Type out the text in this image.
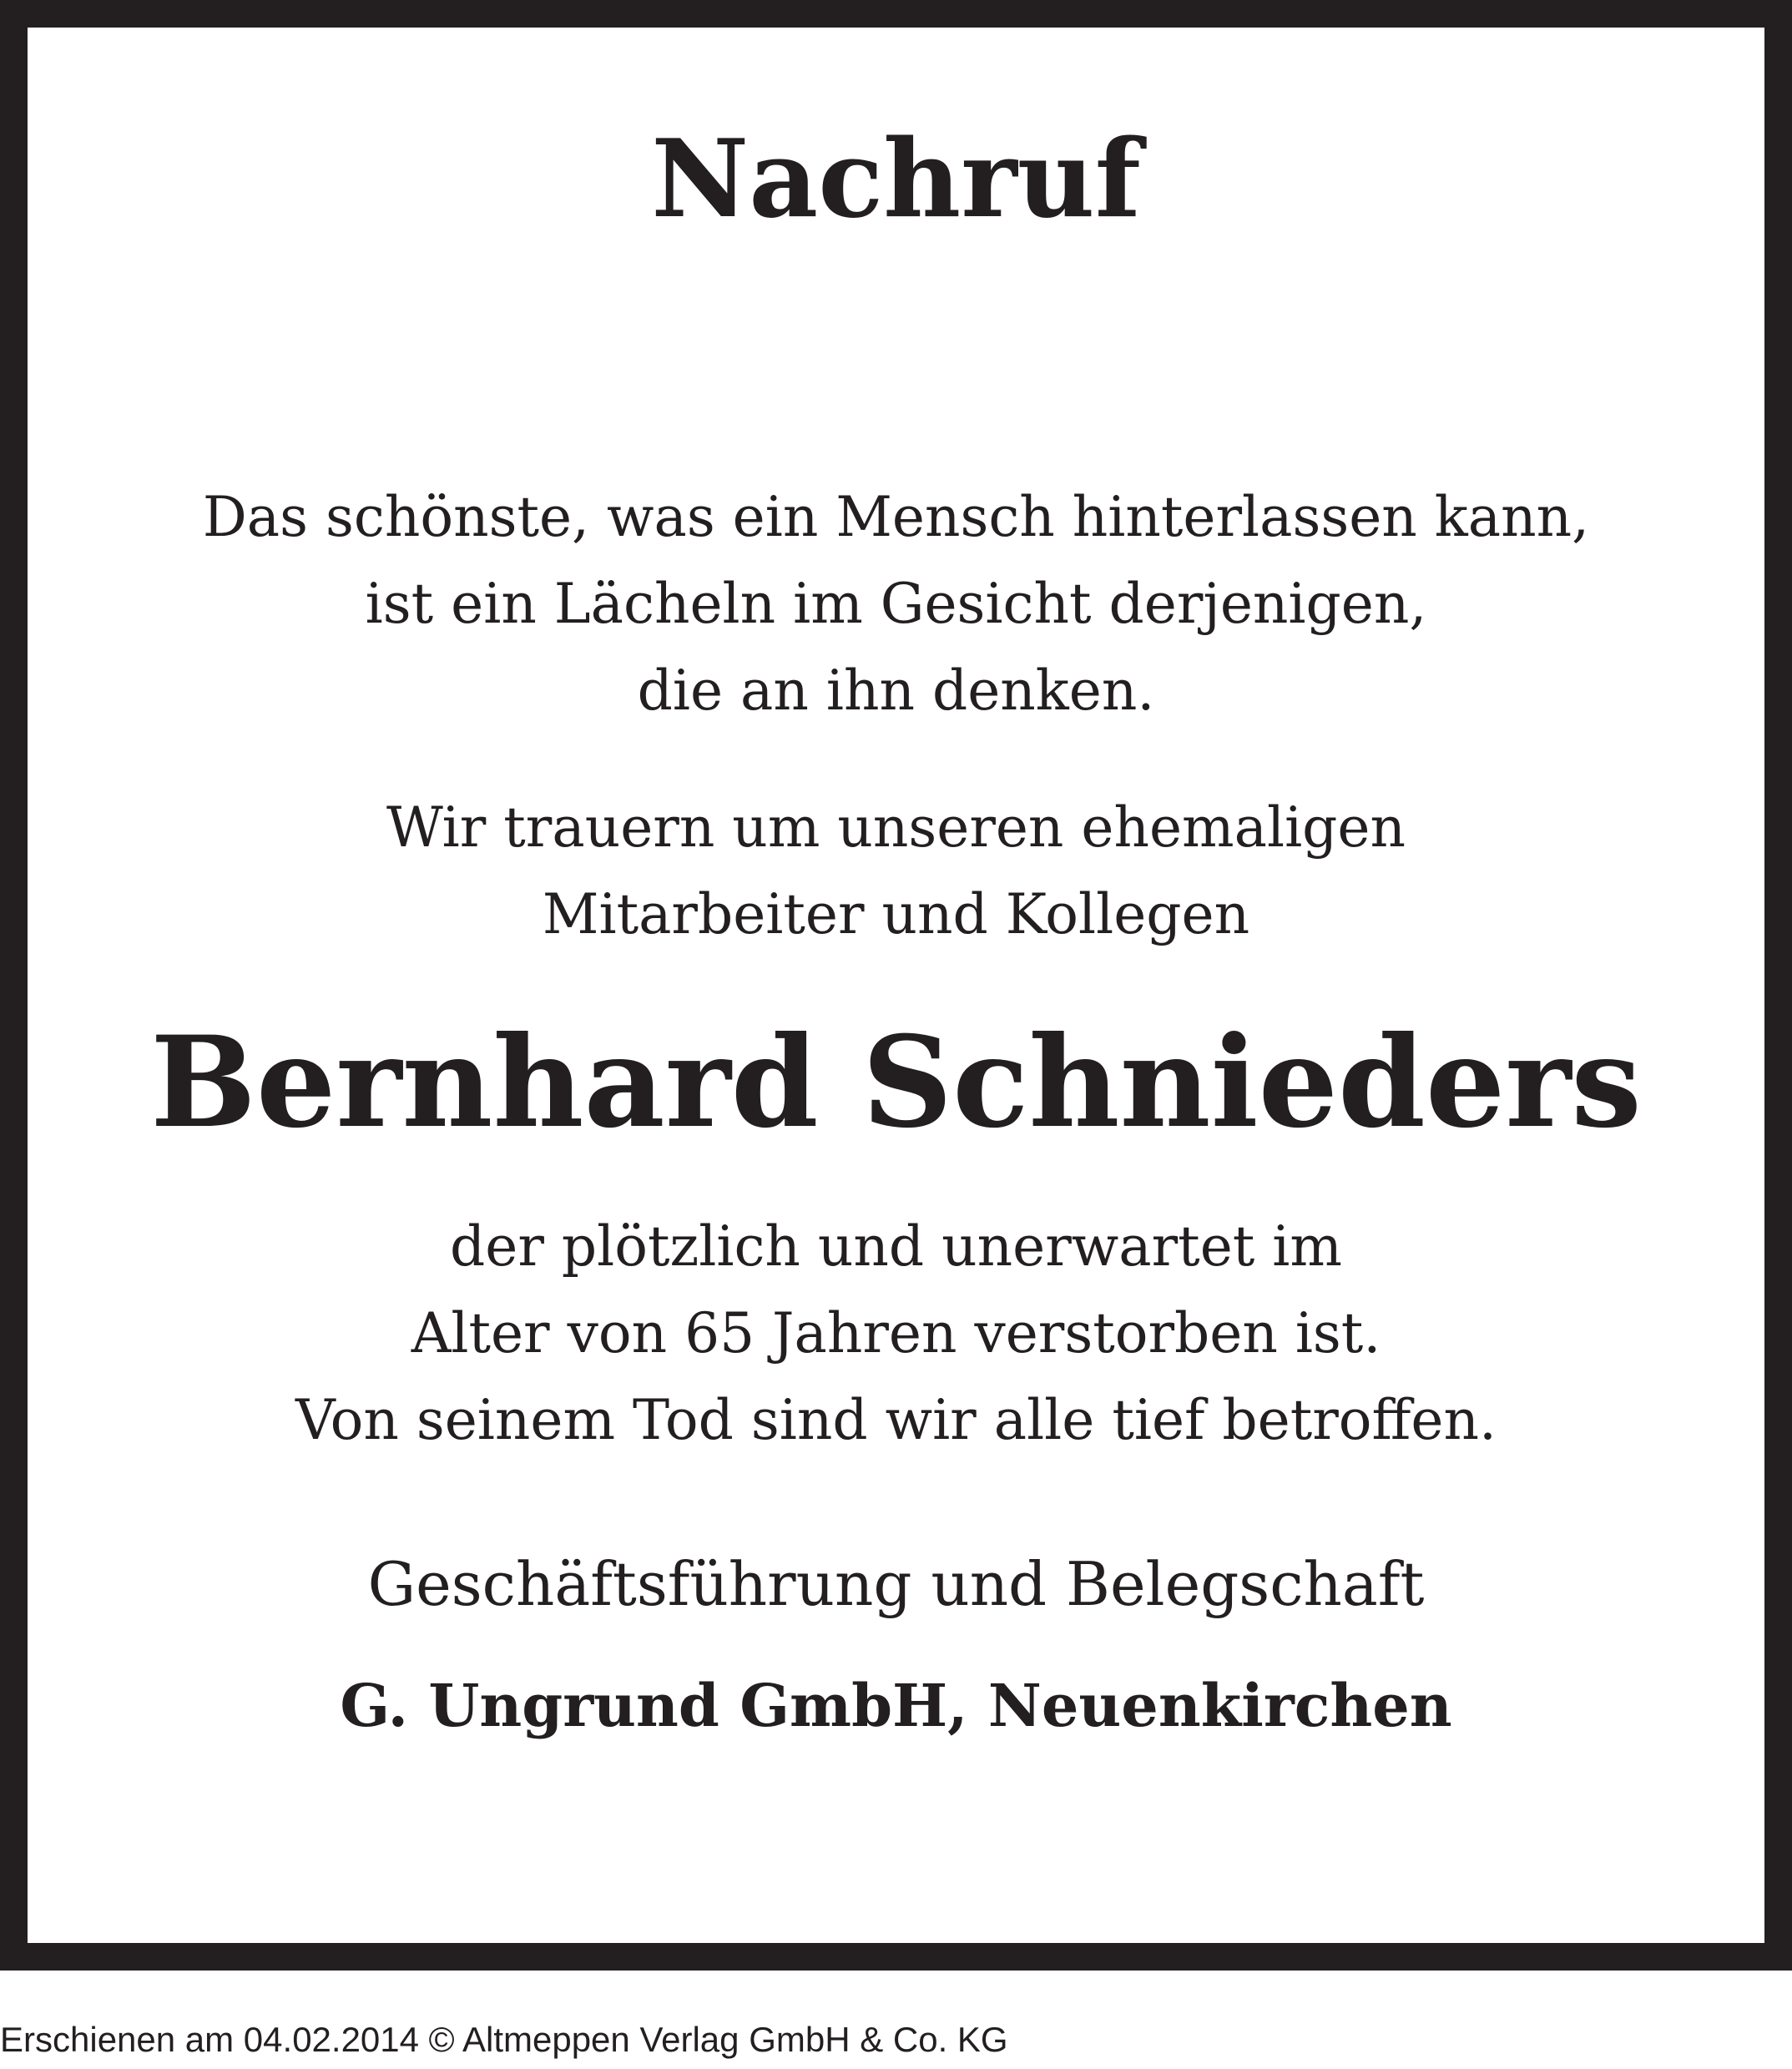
Nachruf
Das schönste, was ein Mensch hinterlassen kann,
ist ein Lächeln im Gesicht derjenigen,
die an ihn denken.
Wir trauern um unseren ehemaligen
Mitarbeiter und Kollegen
Bernhard Schnieders
der plötzlich und unerwartet im
Alter von 65 Jahren verstorben ist.
Von seinem Tod sind wir alle tief betroffen.
Geschäftsführung und Belegschaft
G. Ungrund GmbH, Neuenkirchen
Erschienen am 04.02.2014 © Altmeppen Verlag GmbH & Co. KG
